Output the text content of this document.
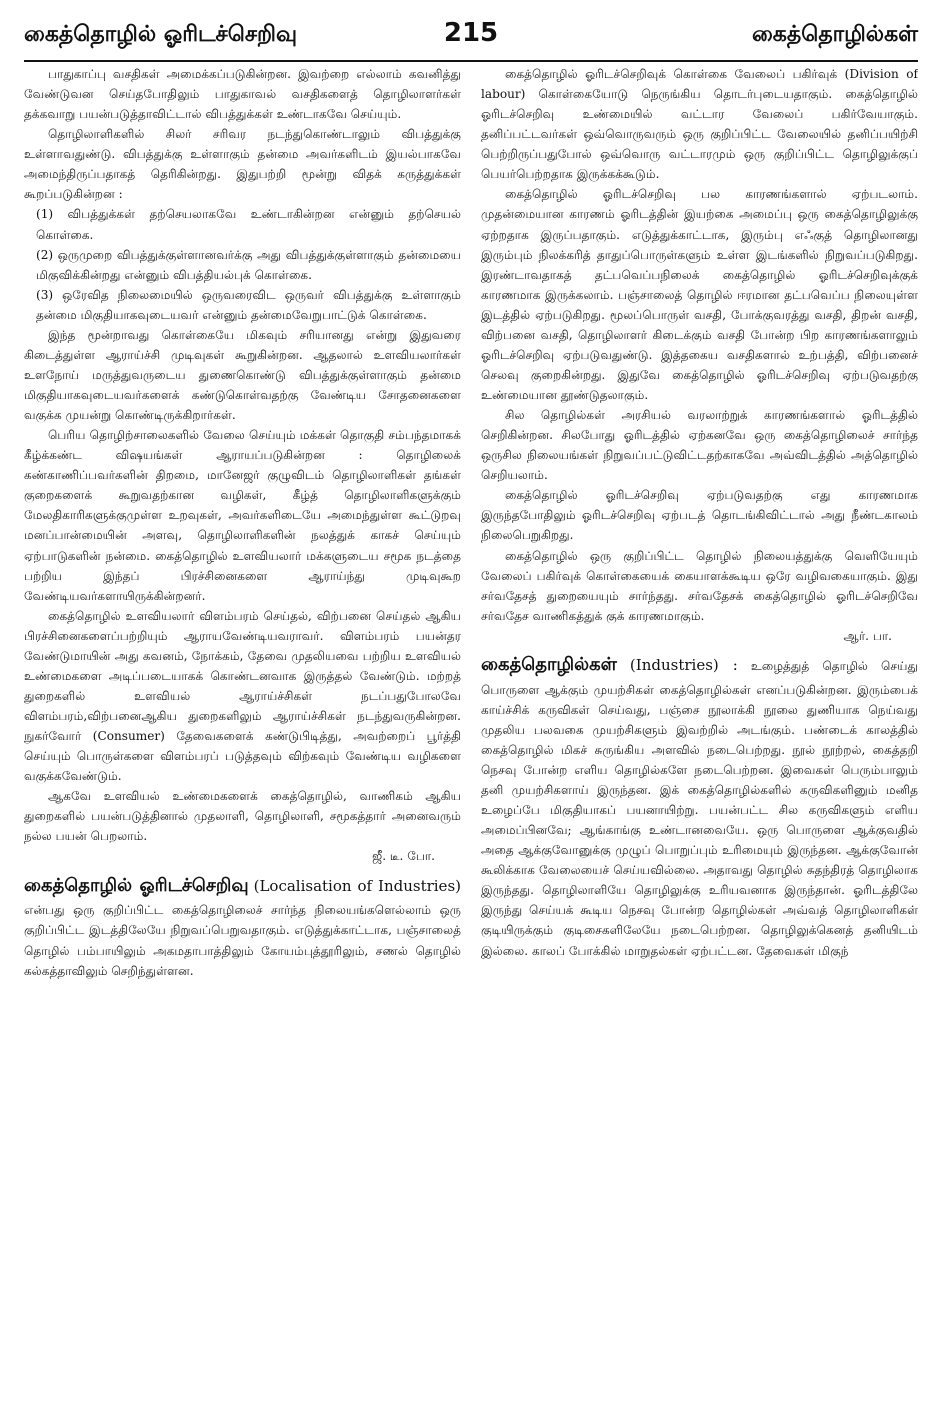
கைத்தொழில் ஓரிடச்செறிவு	215	கைத்தொழில்கள்

பாதுகாப்பு வசதிகள் அமைக்கப்படுகின்றன. இவற்றை எல்லாம் கவனித்து வேண்டுவன செய்தபோதிலும் பாதுகாவல் வசதிகளைத் தொழிலாளர்கள் தக்கவாறு பயன்படுத்தாவிட்டால் விபத்துக்கள் உண்டாகவே செய்யும்.

தொழிலாளிகளில் சிலர் சரிவர நடந்துகொண்டாலும் விபத்துக்கு உள்ளாவதுண்டு. விபத்துக்கு உள்ளாகும் தன்மை அவர்களிடம் இயல்பாகவே அமைந்திருப்பதாகத் தெரிகின்றது. இதுபற்றி மூன்று விதக் கருத்துக்கள் கூறப்படுகின்றன :

(1) விபத்துக்கள் தற்செயலாகவே உண்டாகின்றன என்னும் தற்செயல் கொள்கை.

(2) ஒருமுறை விபத்துக்குள்ளானவர்க்கு அது விபத்துக்குள்ளாகும் தன்மையை மிகுவிக்கின்றது என்னும் விபத்தியல்புக் கொள்கை.

(3) ஒரேவித நிலைமையில் ஒருவரைவிட ஒருவர் விபத்துக்கு உள்ளாகும் தன்மை மிகுதியாகவுடையவர் என்னும் தன்மைவேறுபாட்டுக் கொள்கை.

இந்த மூன்றாவது கொள்கையே மிகவும் சரியானது என்று இதுவரை கிடைத்துள்ள ஆராய்ச்சி முடிவுகள் கூறுகின்றன. ஆதலால் உளவியலார்கள் உளநோய் மருத்துவருடைய துணைகொண்டு விபத்துக்குள்ளாகும் தன்மை மிகுதியாகவுடையவர்களைக் கண்டுகொள்வதற்கு வேண்டிய சோதனைகளை வகுக்க முயன்று கொண்டிருக்கிறார்கள்.

பெரிய தொழிற்சாலைகளில் வேலை செய்யும் மக்கள் தொகுதி சம்பந்தமாகக் கீழ்க்கண்ட விஷயங்கள் ஆராயப்படுகின்றன : தொழிலைக் கண்காணிப்பவர்களின் திறமை, மானேஜர் குழுவிடம் தொழிலாளிகள் தங்கள் குறைகளைக் கூறுவதற்கான வழிகள், கீழ்த் தொழிலாளிகளுக்கும் மேலதிகாரிகளுக்குமுள்ள உறவுகள், அவர்களிடையே அமைந்துள்ள கூட்டுறவு மனப்பான்மையின் அளவு, தொழிலாளிகளின் நலத்துக் காகச் செய்யும் ஏற்பாடுகளின் நன்மை. கைத்தொழில் உளவியலார் மக்களுடைய சமூக நடத்தை பற்றிய இந்தப் பிரச்சினைகளை ஆராய்ந்து முடிவுகூற வேண்டியவர்களாயிருக்கின்றனர்.

கைத்தொழில் உளவியலார் விளம்பரம் செய்தல், விற்பனை செய்தல் ஆகிய பிரச்சினைகளைப்பற்றியும் ஆராயவேண்டியவராவர். விளம்பரம் பயன்தர வேண்டுமாயின் அது கவனம், நோக்கம், தேவை முதலியவை பற்றிய உளவியல் உண்மைகளை அடிப்படையாகக் கொண்டனவாக இருத்தல் வேண்டும். மற்றத் துறைகளில் உளவியல் ஆராய்ச்சிகள் நடப்பதுபோலவே விளம்பரம்,விற்பனைஆகிய துறைகளிலும் ஆராய்ச்சிகள் நடந்துவருகின்றன. நுகர்வோர் (Consumer) தேவைகளைக் கண்டுபிடித்து, அவற்றைப் பூர்த்தி செய்யும் பொருள்களை விளம்பரப் படுத்தவும் விற்கவும் வேண்டிய வழிகளை வகுக்கவேண்டும்.

ஆகவே உளவியல் உண்மைகளைக் கைத்தொழில், வாணிகம் ஆகிய துறைகளில் பயன்படுத்தினால் முதலாளி, தொழிலாளி, சமூகத்தார் அனைவரும் நல்ல பயன் பெறலாம்.

ஜீ. டீ. போ.

கைத்தொழில் ஓரிடச்செறிவு (Localisation of Industries) என்பது ஒரு குறிப்பிட்ட கைத்தொழிலைச் சார்ந்த நிலையங்களெல்லாம் ஒரு குறிப்பிட்ட இடத்திலேயே நிறுவப்பெறுவதாகும். எடுத்துக்காட்டாக, பஞ்சாலைத் தொழில் பம்பாயிலும் அகமதாபாத்திலும் கோயம்புத்தூரிலும், சணல் தொழில் கல்கத்தாவிலும் செறிந்துள்ளன.

கைத்தொழில் ஓரிடச்செறிவுக் கொள்கை வேலைப் பகிர்வுக் (Division of labour) கொள்கையோடு நெருங்கிய தொடர்புடையதாகும். கைத்தொழில் ஓரிடச்செறிவு உண்மையில் வட்டார வேலைப் பகிர்வேயாகும். தனிப்பட்டவர்கள் ஒவ்வொருவரும் ஒரு குறிப்பிட்ட வேலையில் தனிப்பயிற்சி பெற்றிருப்பதுபோல் ஒவ்வொரு வட்டாரமும் ஒரு குறிப்பிட்ட தொழிலுக்குப் பெயர்பெற்றதாக இருக்கக்கூடும்.

கைத்தொழில் ஓரிடச்செறிவு பல காரணங்களால் ஏற்படலாம். முதன்மையான காரணம் ஓரிடத்தின் இயற்கை அமைப்பு ஒரு கைத்தொழிலுக்கு ஏற்றதாக இருப்பதாகும். எடுத்துக்காட்டாக, இரும்பு எஃகுத் தொழிலானது இரும்பும் நிலக்கரித் தாதுப்பொருள்களும் உள்ள இடங்களில் நிறுவப்படுகிறது. இரண்டாவதாகத் தட்பவெப்பநிலைக் கைத்தொழில் ஓரிடச்செறிவுக்குக் காரணமாக இருக்கலாம். பஞ்சாலைத் தொழில் ஈரமான தட்பவெப்ப நிலையுள்ள இடத்தில் ஏற்படுகிறது. மூலப்பொருள் வசதி, போக்குவரத்து வசதி, திறன் வசதி, விற்பனை வசதி, தொழிலாளர் கிடைக்கும் வசதி போன்ற பிற காரணங்களாலும் ஓரிடச்செறிவு ஏற்படுவதுண்டு. இத்தகைய வசதிகளால் உற்பத்தி, விற்பனைச் செலவு குறைகின்றது. இதுவே கைத்தொழில் ஓரிடச்செறிவு ஏற்படுவதற்கு உண்மையான தூண்டுதலாகும்.

சில தொழில்கள் அரசியல் வரலாற்றுக் காரணங்களால் ஓரிடத்தில் செறிகின்றன. சிலபோது ஓரிடத்தில் ஏற்கனவே ஒரு கைத்தொழிலைச் சார்ந்த ஒருசில நிலையங்கள் நிறுவப்பட்டுவிட்டதற்காகவே அவ்விடத்தில் அத்தொழில் செறியலாம்.

கைத்தொழில் ஓரிடச்செறிவு ஏற்படுவதற்கு எது காரணமாக இருந்தபோதிலும் ஓரிடச்செறிவு ஏற்படத் தொடங்கிவிட்டால் அது நீண்டகாலம் நிலைபெறுகிறது.

கைத்தொழில் ஒரு குறிப்பிட்ட தொழில் நிலையத்துக்கு வெளியேயும் வேலைப் பகிர்வுக் கொள்கையைக் கையாளக்கூடிய ஒரே வழிவகையாகும். இது சர்வதேசத் துறையையும் சார்ந்தது. சர்வதேசக் கைத்தொழில் ஓரிடச்செறிவே சர்வதேச வாணிகத்துக் குக் காரணமாகும்.

ஆர். பா.

கைத்தொழில்கள் (Industries) : உழைத்துத் தொழில் செய்து பொருளை ஆக்கும் முயற்சிகள் கைத்தொழில்கள் எனப்படுகின்றன. இரும்பைக் காய்ச்சிக் கருவிகள் செய்வது, பஞ்சை நூலாக்கி நூலை துணியாக நெய்வது முதலிய பலவகை முயற்சிகளும் இவற்றில் அடங்கும். பண்டைக் காலத்தில் கைத்தொழில் மிகச் சுருங்கிய அளவில் நடைபெற்றது. நூல் நூற்றல், கைத்தறி நெசவு போன்ற எளிய தொழில்களே நடைபெற்றன. இவைகள் பெரும்பாலும் தனி முயற்சிகளாய் இருந்தன. இக் கைத்தொழில்களில் கருவிகளினும் மனித உழைப்பே மிகுதியாகப் பயனாயிற்று. பயன்பட்ட சில கருவிகளும் எளிய அமைப்பினவே; ஆங்காங்கு உண்டானவையே. ஒரு பொருளை ஆக்குவதில் அதை ஆக்குவோனுக்கு முழுப் பொறுப்பும் உரிமையும் இருந்தன. ஆக்குவோன் கூலிக்காக வேலையைச் செய்யவில்லை. அதாவது தொழில் சுதந்திரத் தொழிலாக இருந்தது. தொழிலாளியே தொழிலுக்கு உரியவனாக இருந்தான். ஓரிடத்திலே இருந்து செய்யக் கூடிய நெசவு போன்ற தொழில்கள் அவ்வத் தொழிலாளிகள் குடியிருக்கும் குடிசைகளிலேயே நடைபெற்றன. தொழிலுக்கெனத் தனியிடம் இல்லை. காலப் போக்கில் மாறுதல்கள் ஏற்பட்டன. தேவைகள் மிகுந்
